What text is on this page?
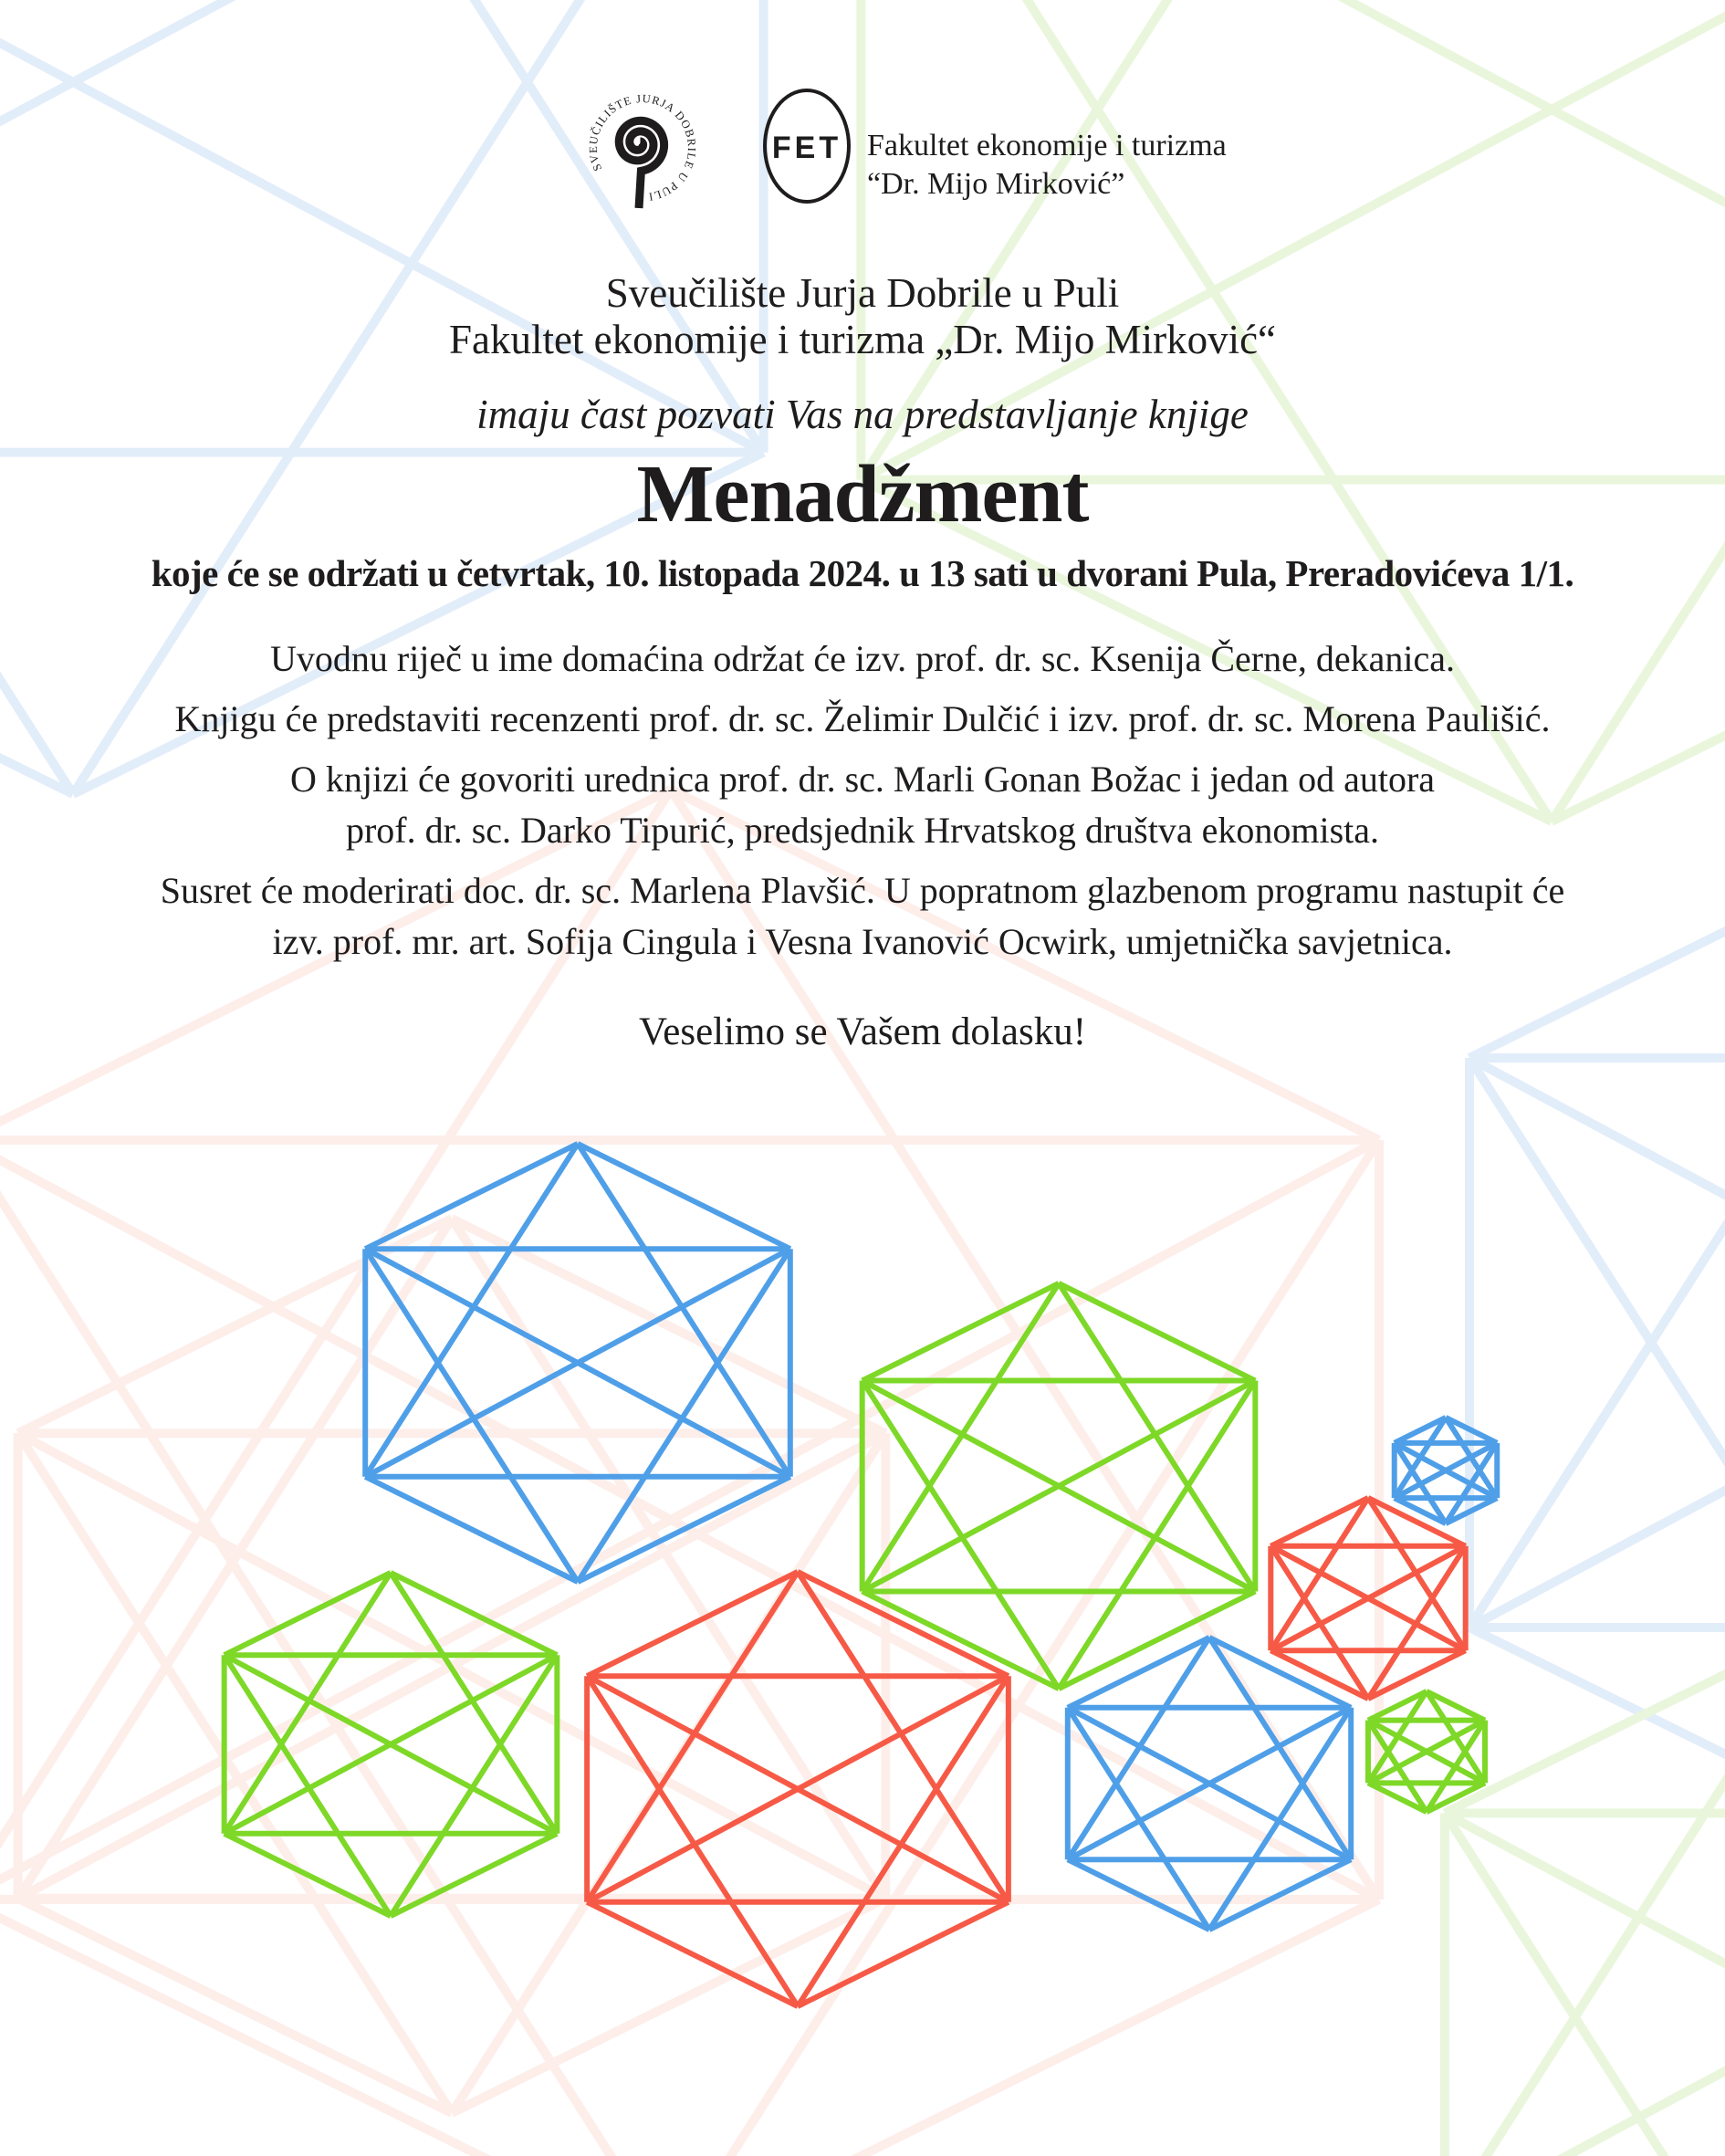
SVEUČILIŠTE JURJA DOBRILE U PULI
FET Fakultet ekonomije i turizma
“Dr. Mijo Mirković”
Sveučilište Jurja Dobrile u Puli
Fakultet ekonomije i turizma „Dr. Mijo Mirković“
imaju čast pozvati Vas na predstavljanje knjige
Menadžment
koje će se održati u četvrtak, 10. listopada 2024. u 13 sati u dvorani Pula, Preradovićeva 1/1.
Uvodnu riječ u ime domaćina održat će izv. prof. dr. sc. Ksenija Černe, dekanica.
Knjigu će predstaviti recenzenti prof. dr. sc. Želimir Dulčić i izv. prof. dr. sc. Morena Paulišić.
O knjizi će govoriti urednica prof. dr. sc. Marli Gonan Božac i jedan od autora
prof. dr. sc. Darko Tipurić, predsjednik Hrvatskog društva ekonomista.
Susret će moderirati doc. dr. sc. Marlena Plavšić. U popratnom glazbenom programu nastupit će
izv. prof. mr. art. Sofija Cingula i Vesna Ivanović Ocwirk, umjetnička savjetnica.
Veselimo se Vašem dolasku!
